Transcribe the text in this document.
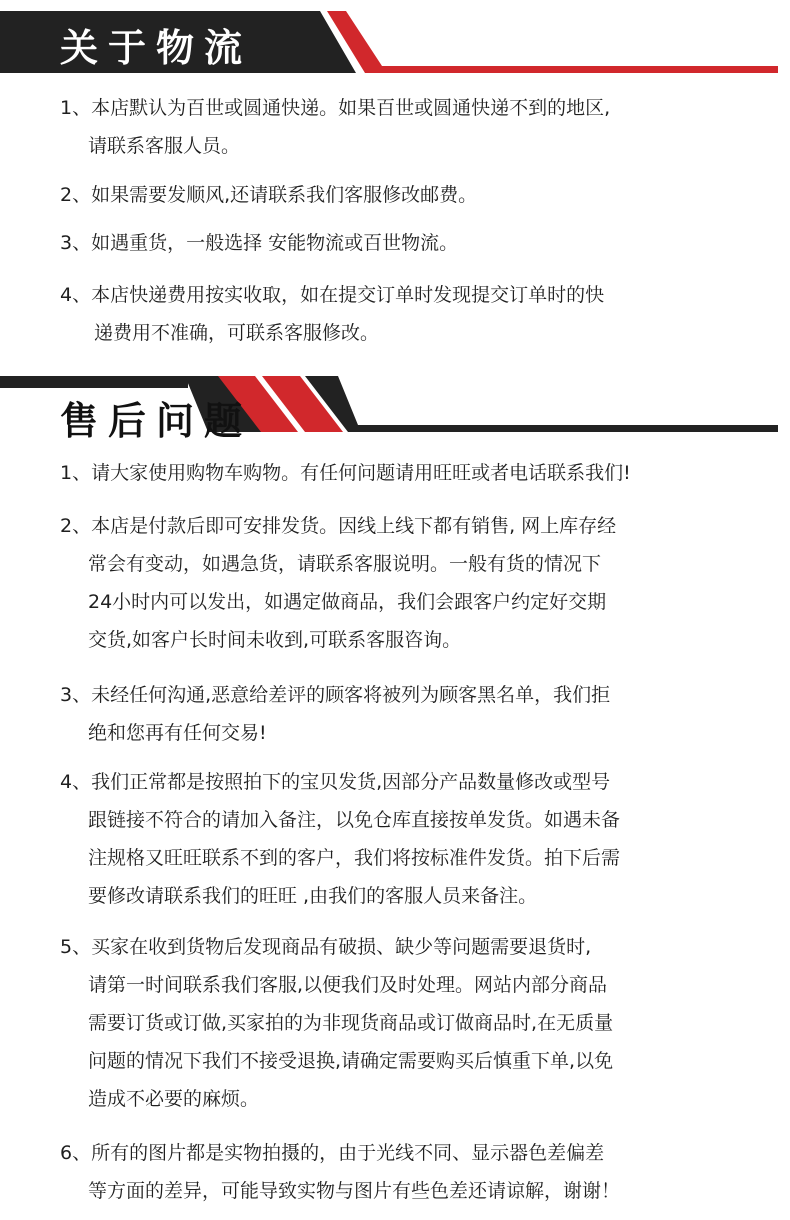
关于物流
1、本店默认为百世或圆通快递。如果百世或圆通快递不到的地区,
请联系客服人员。
2、如果需要发顺风,还请联系我们客服修改邮费。
3、如遇重货，一般选择 安能物流或百世物流。
4、本店快递费用按实收取，如在提交订单时发现提交订单时的快
递费用不准确，可联系客服修改。
售后问题
1、请大家使用购物车购物。有任何问题请用旺旺或者电话联系我们!
2、本店是付款后即可安排发货。因线上线下都有销售, 网上库存经
常会有变动，如遇急货，请联系客服说明。一般有货的情况下
24小时内可以发出，如遇定做商品，我们会跟客户约定好交期
交货,如客户长时间未收到,可联系客服咨询。
3、未经任何沟通,恶意给差评的顾客将被列为顾客黑名单，我们拒
绝和您再有任何交易!
4、我们正常都是按照拍下的宝贝发货,因部分产品数量修改或型号
跟链接不符合的请加入备注，以免仓库直接按单发货。如遇未备
注规格又旺旺联系不到的客户，我们将按标准件发货。拍下后需
要修改请联系我们的旺旺 ,由我们的客服人员来备注。
5、买家在收到货物后发现商品有破损、缺少等问题需要退货时,
请第一时间联系我们客服,以便我们及时处理。网站内部分商品
需要订货或订做,买家拍的为非现货商品或订做商品时,在无质量
问题的情况下我们不接受退换,请确定需要购买后慎重下单,以免
造成不必要的麻烦。
6、所有的图片都是实物拍摄的，由于光线不同、显示器色差偏差
等方面的差异，可能导致实物与图片有些色差还请谅解，谢谢！
